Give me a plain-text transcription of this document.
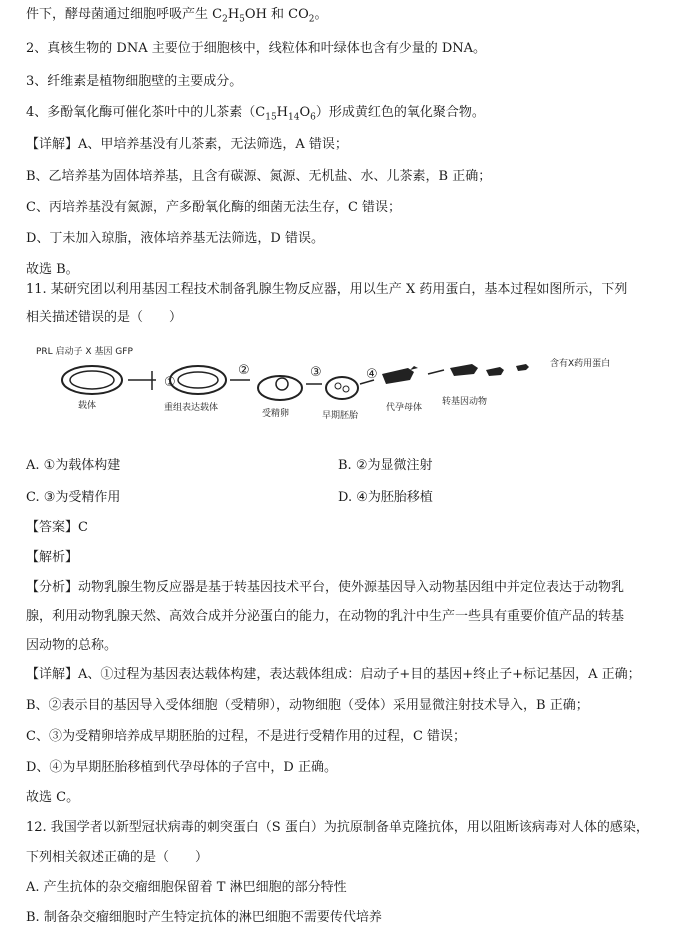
件下，酵母菌通过细胞呼吸产生 $C_2H_5OH$ 和 $CO_2$。
2、真核生物的 DNA 主要位于细胞核中，线粒体和叶绿体也含有少量的 DNA。
3、纤维素是植物细胞壁的主要成分。
4、多酚氧化酶可催化茶叶中的儿茶素$(C_{15}H_{14}O_6)$形成黄红色的氧化聚合物。
【详解】A、甲培养基没有儿茶素，无法筛选，A 错误；
B、乙培养基为固体培养基，且含有碳源、氮源、无机盐、水、儿茶素，B 正确；
C、丙培养基没有氮源，产多酚氧化酶的细菌无法生存，C 错误；
D、丁未加入琼脂，液体培养基无法筛选，D 错误。
故选 B。
11. 某研究团以利用基因工程技术制备乳腺生物反应器，用以生产 X 药用蛋白，基本过程如图所示，下列
相关描述错误的是（　　）
①
②	③	④
PRL 启动子 X 基因 GFP
载体	重组表达载体
受精卵	早期胚胎
代孕母体
转基因动物
含有X药用蛋白
A. ①为载体构建	B. ②为显微注射
C. ③为受精作用	D. ④为胚胎移植
【答案】C
【解析】
【分析】动物乳腺生物反应器是基于转基因技术平台，使外源基因导入动物基因组中并定位表达于动物乳
腺，利用动物乳腺天然、高效合成并分泌蛋白的能力，在动物的乳汁中生产一些具有重要价值产品的转基
因动物的总称。
【详解】A、①过程为基因表达载体构建，表达载体组成：启动子+目的基因+终止子+标记基因，A 正确；
B、②表示目的基因导入受体细胞（受精卵），动物细胞（受体）采用显微注射技术导入，B 正确；
C、③为受精卵培养成早期胚胎的过程，不是进行受精作用的过程，C 错误；
D、④为早期胚胎移植到代孕母体的子宫中，D 正确。
故选 C。
12. 我国学者以新型冠状病毒的刺突蛋白（S 蛋白）为抗原制备单克隆抗体，用以阻断该病毒对人体的感染，
下列相关叙述正确的是（　　）
A. 产生抗体的杂交瘤细胞保留着 T 淋巴细胞的部分特性
B. 制备杂交瘤细胞时产生特定抗体的淋巴细胞不需要传代培养
